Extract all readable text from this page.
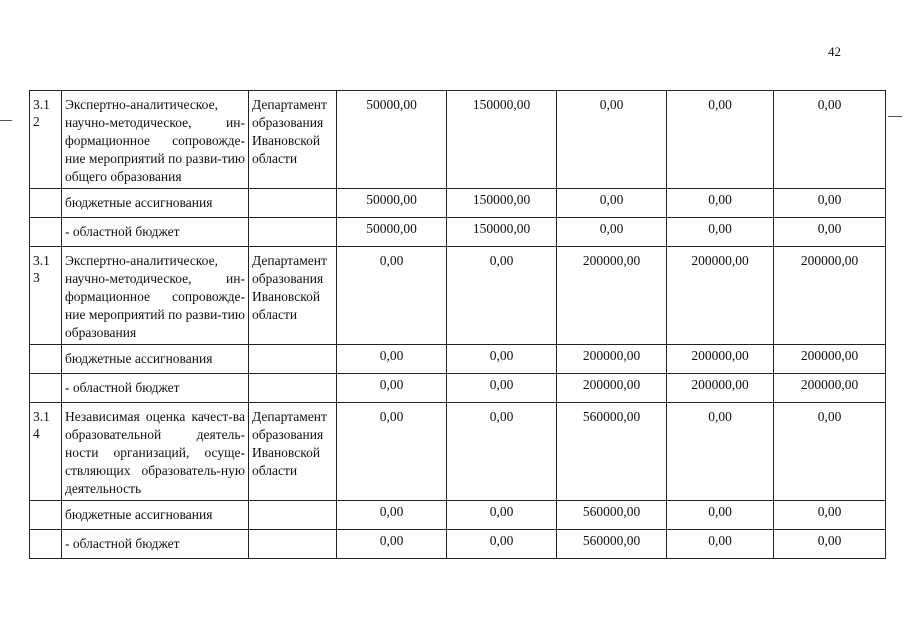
42
3.1
2	Экспертно-аналитическое, научно-методическое, ин-формационное сопровожде-ние мероприятий по разви-тию общего образования	Департамент образования Ивановской области	50000,00	150000,00	0,00	0,00	0,00
	бюджетные ассигнования		50000,00	150000,00	0,00	0,00	0,00
	- областной бюджет		50000,00	150000,00	0,00	0,00	0,00
3.1
3	Экспертно-аналитическое, научно-методическое, ин-формационное сопровожде-ние мероприятий по разви-тию образования	Департамент образования Ивановской области	0,00	0,00	200000,00	200000,00	200000,00
	бюджетные ассигнования		0,00	0,00	200000,00	200000,00	200000,00
	- областной бюджет		0,00	0,00	200000,00	200000,00	200000,00
3.1
4	Независимая оценка качест-ва образовательной деятель-ности организаций, осуще-ствляющих образователь-ную деятельность	Департамент образования Ивановской области	0,00	0,00	560000,00	0,00	0,00
	бюджетные ассигнования		0,00	0,00	560000,00	0,00	0,00
	- областной бюджет		0,00	0,00	560000,00	0,00	0,00
